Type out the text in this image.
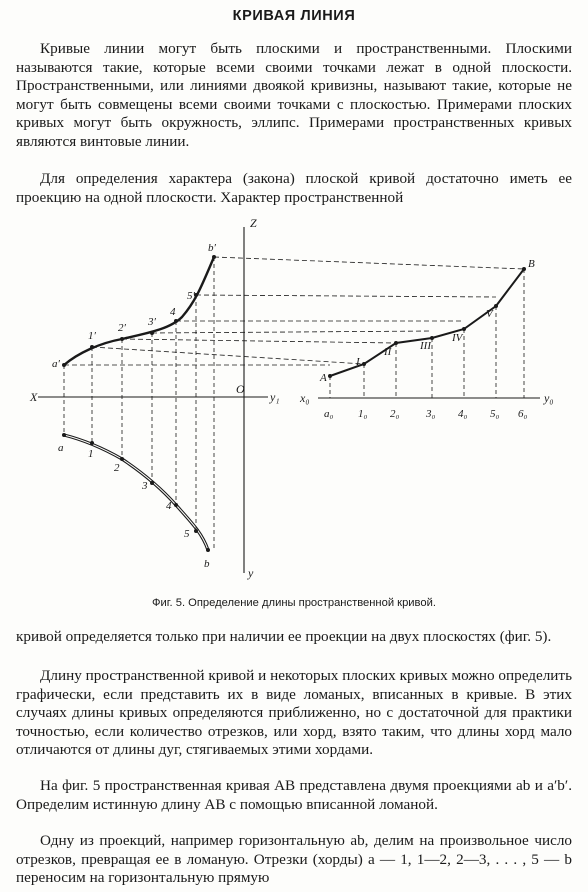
КРИВАЯ ЛИНИЯ

Кривые линии могут быть плоскими и пространственными. Плоскими называются такие, которые всеми своими точками лежат в одной плоскости. Пространственными, или линиями двоякой кривизны, называют такие, которые не могут быть совмещены всеми своими точками с плоскостью. Примерами плоских кривых могут быть окружность, эллипс. Примерами пространственных кривых являются винтовые линии.

Для определения характера (закона) плоской кривой достаточно иметь ее проекцию на одной плоскости. Характер пространственной

Z
X
O
y₁
y
x₀	y₀
a′
1′
2′ 3′
4
5′
b′
a 1
2
3
4
5
b
A
I
II	III
IV
V
B
a₀ 1₀ 2₀ 3₀ 4₀ 5₀ 6₀
Фиг. 5. Определение длины пространственной кривой.

кривой определяется только при наличии ее проекции на двух плоскостях (фиг. 5).

Длину пространственной кривой и некоторых плоских кривых можно определить графически, если представить их в виде ломаных, вписанных в кривые. В этих случаях длины кривых определяются приближенно, но с достаточной для практики точностью, если количество отрезков, или хорд, взято таким, что длины хорд мало отличаются от длины дуг, стягиваемых этими хордами.

На фиг. 5 пространственная кривая AB представлена двумя проекциями ab и a′b′. Определим истинную длину AB с помощью вписанной ломаной.

Одну из проекций, например горизонтальную ab, делим на произвольное число отрезков, превращая ее в ломаную. Отрезки (хорды) a — 1, 1—2, 2—3, . . . , 5 — b переносим на горизонтальную прямую
